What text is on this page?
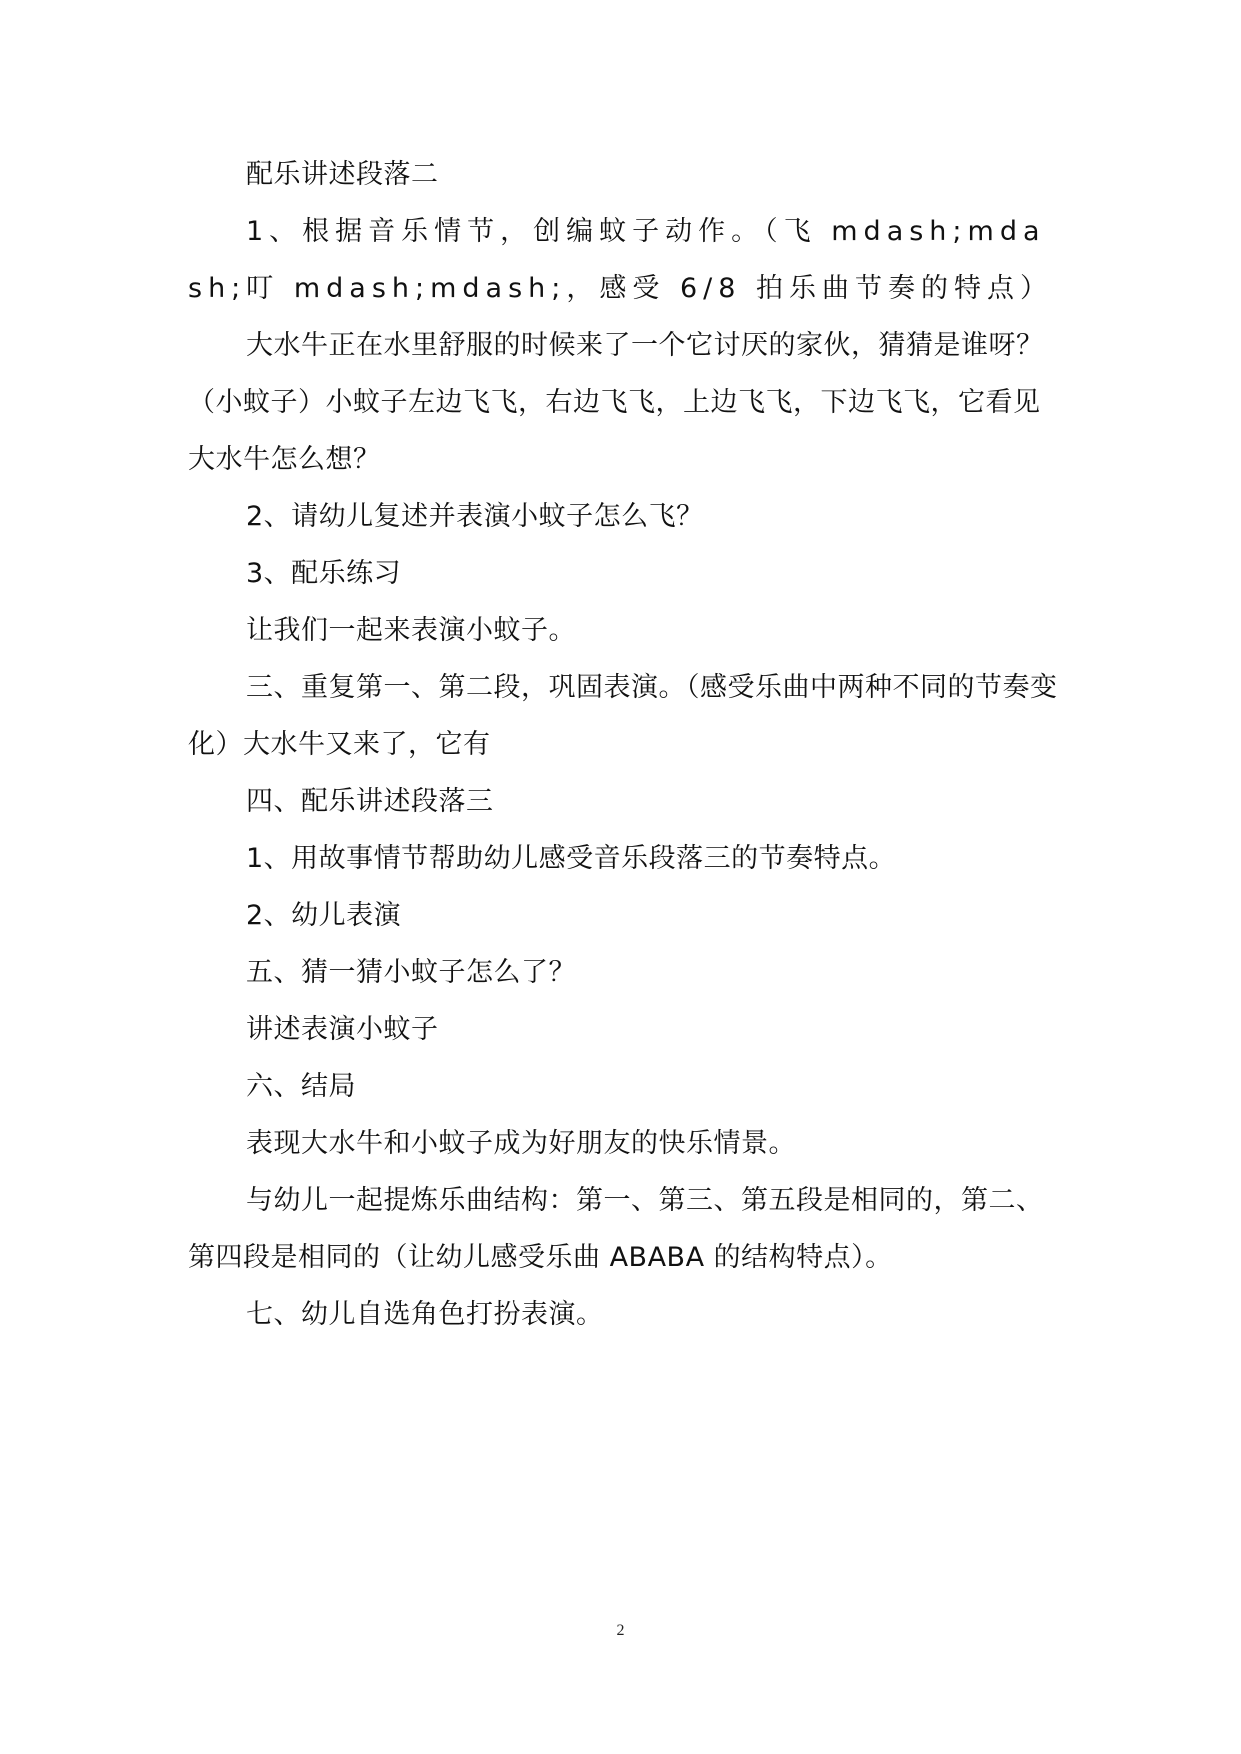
配乐讲述段落二

1、根据音乐情节，创编蚊子动作。（飞 mdash;mdash;叮 mdash;mdash;，感受 6/8 拍乐曲节奏的特点）

大水牛正在水里舒服的时候来了一个它讨厌的家伙，猜猜是谁呀？（小蚊子）小蚊子左边飞飞，右边飞飞，上边飞飞，下边飞飞，它看见大水牛怎么想？

2、请幼儿复述并表演小蚊子怎么飞？

3、配乐练习

让我们一起来表演小蚊子。

三、重复第一、第二段，巩固表演。（感受乐曲中两种不同的节奏变化）大水牛又来了，它有

四、配乐讲述段落三

1、用故事情节帮助幼儿感受音乐段落三的节奏特点。

2、幼儿表演

五、猜一猜小蚊子怎么了？

讲述表演小蚊子

六、结局

表现大水牛和小蚊子成为好朋友的快乐情景。

与幼儿一起提炼乐曲结构：第一、第三、第五段是相同的，第二、第四段是相同的（让幼儿感受乐曲 ABABA 的结构特点）。

七、幼儿自选角色打扮表演。

2
